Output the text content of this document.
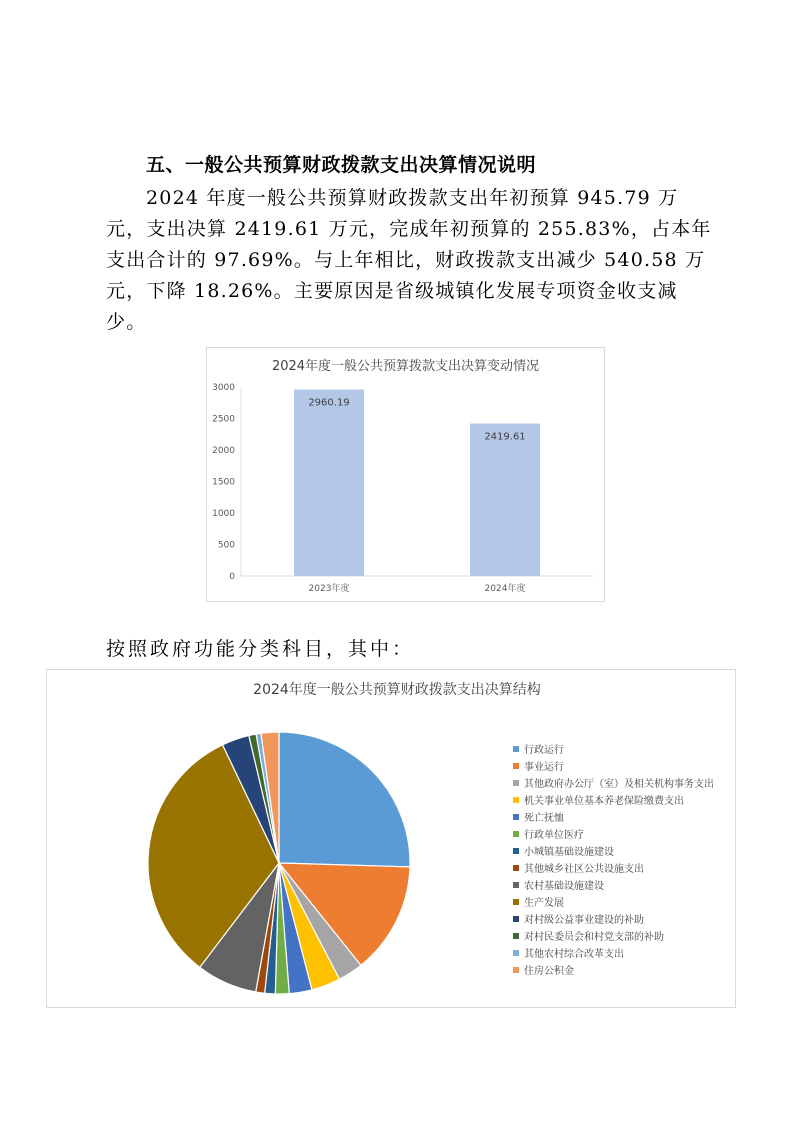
五、一般公共预算财政拨款支出决算情况说明
2024 年度一般公共预算财政拨款支出年初预算 945.79 万
元，支出决算 2419.61 万元，完成年初预算的 255.83%，占本年
支出合计的 97.69%。与上年相比，财政拨款支出减少 540.58 万
元，下降 18.26%。主要原因是省级城镇化发展专项资金收支减
少。
2024年度一般公共预算拨款支出决算变动情况
0
500
1000
1500
2000
2500
3000
2960.19
2023年度
2419.61
2024年度
按照政府功能分类科目，其中：
2024年度一般公共预算财政拨款支出决算结构
行政运行
事业运行
其他政府办公厅（室）及相关机构事务支出
机关事业单位基本养老保险缴费支出
死亡抚恤
行政单位医疗
小城镇基础设施建设
其他城乡社区公共设施支出
农村基础设施建设
生产发展
对村级公益事业建设的补助
对村民委员会和村党支部的补助
其他农村综合改革支出
住房公积金
